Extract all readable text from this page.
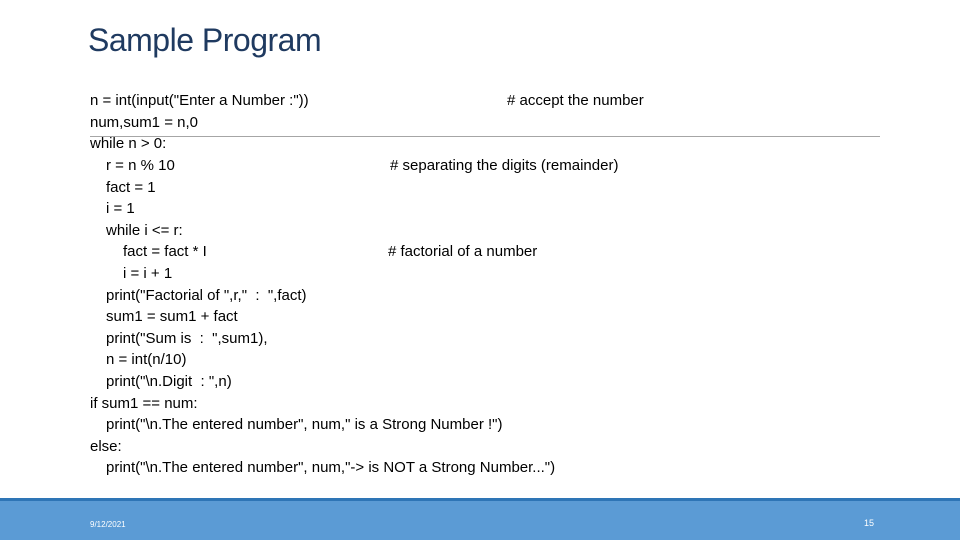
Sample Program
n = int(input("Enter a Number :"))
num,sum1 = n,0
while n > 0:
r = n % 10
fact = 1
i = 1
while i <= r:
fact = fact * I
i = i + 1
print("Factorial of ",r,"  :  ",fact)
sum1 = sum1 + fact
print("Sum is  :  ",sum1),
n = int(n/10)
print("\n.Digit  : ",n)
if sum1 == num:
print("\n.The entered number", num," is a Strong Number !")
else:
print("\n.The entered number", num,"-> is NOT a Strong Number...")
# accept the number
# separating the digits (remainder)
# factorial of a number
9/12/2021	15
